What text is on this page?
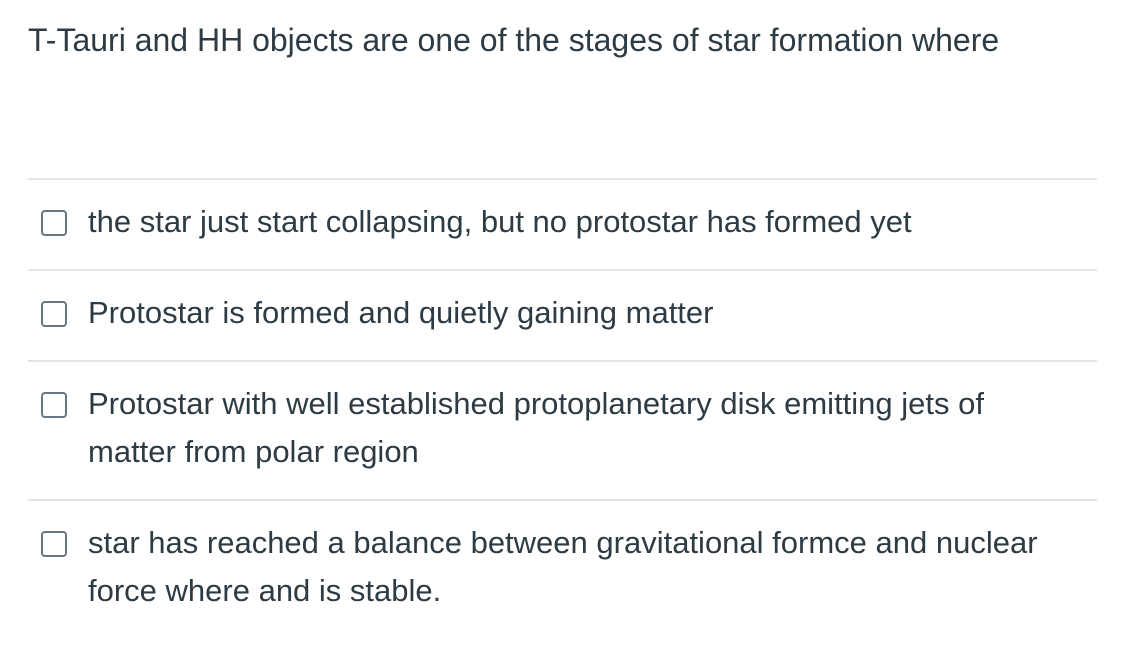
T-Tauri and HH objects are one of the stages of star formation where

the star just start collapsing, but no protostar has formed yet
Protostar is formed and quietly gaining matter
Protostar with well established protoplanetary disk emitting jets of matter from polar region
star has reached a balance between gravitational formce and nuclear force where and is stable.
